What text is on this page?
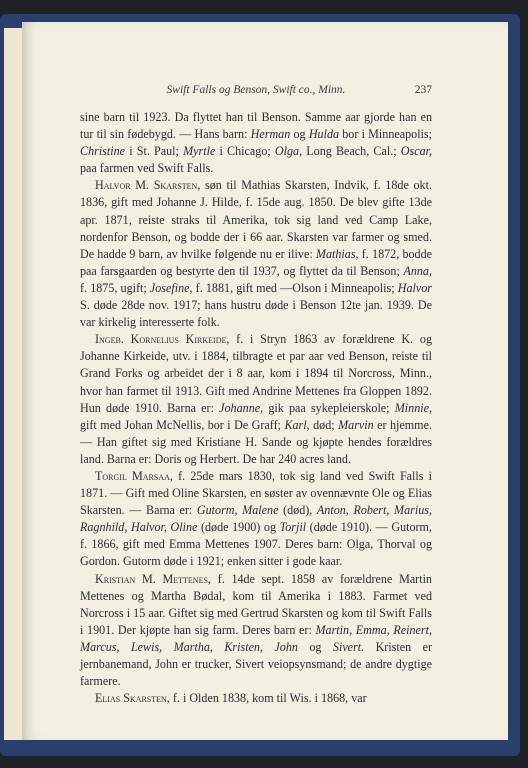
Swift Falls og Benson, Swift co., Minn.	237

sine barn til 1923. Da flyttet han til Benson. Samme aar gjorde han en tur til sin fødebygd. — Hans barn: Herman og Hulda bor i Minneapolis; Christine i St. Paul; Myrtle i Chicago; Olga, Long Beach, Cal.; Oscar, paa farmen ved Swift Falls.

Halvor M. Skarsten, søn til Mathias Skarsten, Indvik, f. 18de okt. 1836, gift med Johanne J. Hilde, f. 15de aug. 1850. De blev gifte 13de apr. 1871, reiste straks til Amerika, tok sig land ved Camp Lake, nordenfor Benson, og bodde der i 66 aar. Skarsten var farmer og smed. De hadde 9 barn, av hvilke følgende nu er ilive: Mathias, f. 1872, bodde paa farsgaarden og bestyrte den til 1937, og flyttet da til Benson; Anna, f. 1875, ugift; Josefine, f. 1881, gift med —Olson i Minneapolis; Halvor S. døde 28de nov. 1917; hans hustru døde i Benson 12te jan. 1939. De var kirkelig interesserte folk.

Ingeb. Kornelius Kirkeide, f. i Stryn 1863 av forældrene K. og Johanne Kirkeide, utv. i 1884, tilbragte et par aar ved Benson, reiste til Grand Forks og arbeidet der i 8 aar, kom i 1894 til Norcross, Minn., hvor han farmet til 1913. Gift med Andrine Mettenes fra Gloppen 1892. Hun døde 1910. Barna er: Johanne, gik paa sykepleierskole; Minnie, gift med Johan McNellis, bor i De Graff; Karl, død; Marvin er hjemme. — Han giftet sig med Kristiane H. Sande og kjøpte hendes forældres land. Barna er: Doris og Herbert. De har 240 acres land.

Torgil Marsaa, f. 25de mars 1830, tok sig land ved Swift Falls i 1871. — Gift med Oline Skarsten, en søster av ovennævnte Ole og Elias Skarsten. — Barna er: Gutorm, Malene (død), Anton, Robert, Marius, Ragnhild, Halvor, Oline (døde 1900) og Torjil (døde 1910). — Gutorm, f. 1866, gift med Emma Mettenes 1907. Deres barn: Olga, Thorval og Gordon. Gutorm døde i 1921; enken sitter i gode kaar.

Kristian M. Mettenes, f. 14de sept. 1858 av forældrene Martin Mettenes og Martha Bødal, kom til Amerika i 1883. Farmet ved Norcross i 15 aar. Giftet sig med Gertrud Skarsten og kom til Swift Falls i 1901. Der kjøpte han sig farm. Deres barn er: Martin, Emma, Reinert, Marcus, Lewis, Martha, Kristen, John og Sivert. Kristen er jernbanemand, John er trucker, Sivert veiopsynsmand; de andre dygtige farmere.

Elias Skarsten, f. i Olden 1838, kom til Wis. i 1868, var
